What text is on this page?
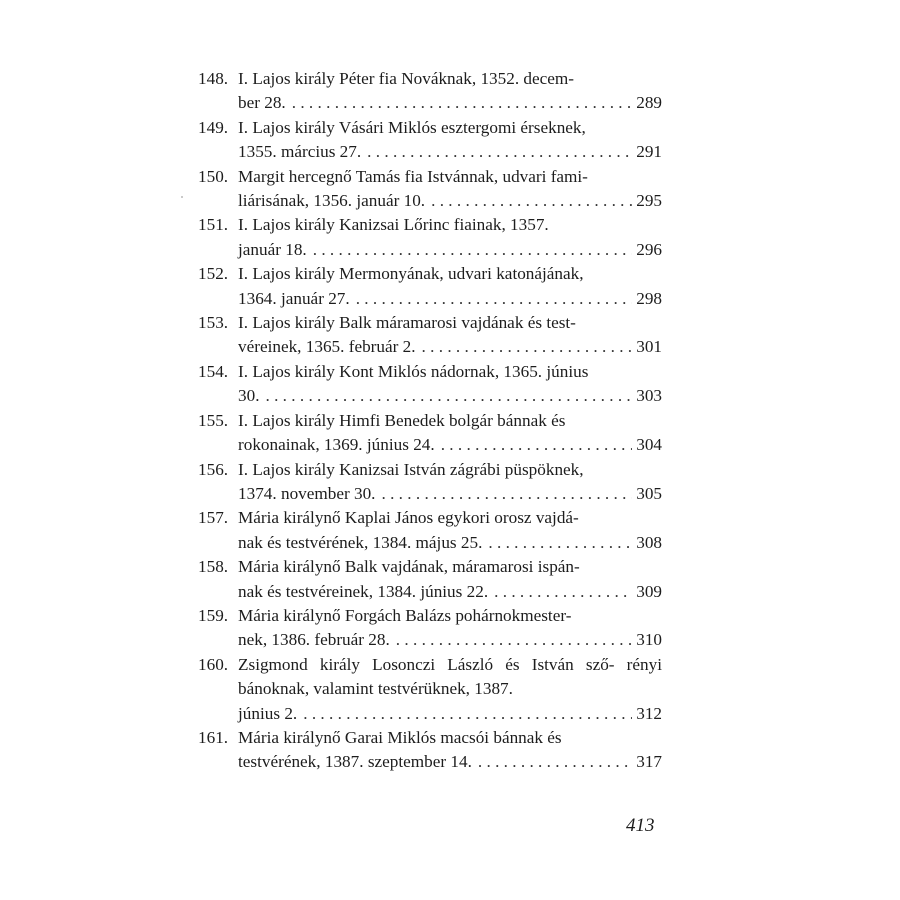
148. I. Lajos király Péter fia Nováknak, 1352. decem-
ber 28. . . .	289
149. I. Lajos király Vásári Miklós esztergomi érseknek,
1355. március 27. . . .	291
150. Margit hercegnő Tamás fia Istvánnak, udvari fami-
liárisának, 1356. január 10. . . .	295
151. I. Lajos király Kanizsai Lőrinc fiainak, 1357.
január 18. . . .	296
152. I. Lajos király Mermonyának, udvari katonájának,
1364. január 27. . . .	298
153. I. Lajos király Balk máramarosi vajdának és test-
véreinek, 1365. február 2. . . .	301
154. I. Lajos király Kont Miklós nádornak, 1365. június
30. . . .	303
155. I. Lajos király Himfi Benedek bolgár bánnak és
rokonainak, 1369. június 24. . . .	304
156. I. Lajos király Kanizsai István zágrábi püspöknek,
1374. november 30. . . .	305
157. Mária királynő Kaplai János egykori orosz vajdá-
nak és testvérének, 1384. május 25. . . .	308
158. Mária királynő Balk vajdának, máramarosi ispán-
nak és testvéreinek, 1384. június 22. . . .	309
159. Mária királynő Forgách Balázs pohárnokmester-
nek, 1386. február 28. . . .	310
160. Zsigmond király Losonczi László és István sző- rényi bánoknak, valamint testvérüknek, 1387.
június 2. . . .	312
161. Mária királynő Garai Miklós macsói bánnak és
testvérének, 1387. szeptember 14. . . .	317
413
